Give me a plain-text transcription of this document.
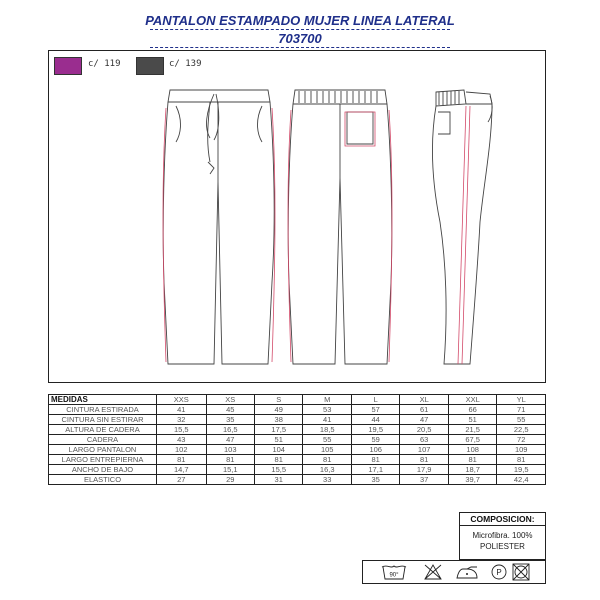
PANTALON ESTAMPADO MUJER LINEA LATERAL
703700
c/ 119	c/ 139
MEDIDAS	XXS	XS	S	M	L	XL	XXL	YL
CINTURA ESTIRADA	41	45	49	53	57	61	66	71
CINTURA SIN ESTIRAR	32	35	38	41	44	47	51	55
ALTURA DE CADERA	15,5	16,5	17,5	18,5	19,5	20,5	21,5	22,5
CADERA	43	47	51	55	59	63	67,5	72
LARGO PANTALON	102	103	104	105	106	107	108	109
LARGO ENTREPIERNA	81	81	81	81	81	81	81	81
ANCHO DE BAJO	14,7	15,1	15,5	16,3	17,1	17,9	18,7	19,5
ELASTICO	27	29	31	33	35	37	39,7	42,4
COMPOSICION:
Microfibra. 100%
POLIESTER
90°	P
